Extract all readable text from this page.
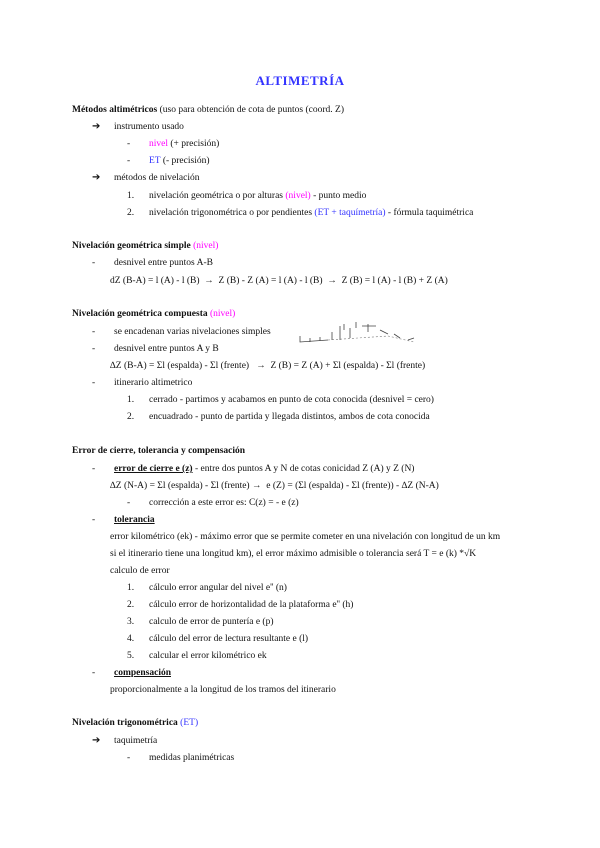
ALTIMETRÍA
Métodos altimétricos (uso para obtención de cota de puntos (coord. Z)
➔ instrumento usado
- nivel (+ precisión)
- ET (- precisión)
➔ métodos de nivelación
1. nivelación geométrica o por alturas (nivel) - punto medio
2. nivelación trigonométrica o por pendientes (ET + taquímetría) - fórmula taquimétrica
Nivelación geométrica simple (nivel)
- desnivel entre puntos A-B
dZ (B-A) = l (A) - l (B) → Z (B) - Z (A) = l (A) - l (B) → Z (B) = l (A) - l (B) + Z (A)
Nivelación geométrica compuesta (nivel)
- se encadenan varias nivelaciones simples
- desnivel entre puntos A y B
∆Z (B-A) = Σl (espalda) - Σl (frente) → Z (B) = Z (A) + Σl (espalda) - Σl (frente)
- itinerario altimetrico
1. cerrado - partimos y acabamos en punto de cota conocida (desnivel = cero)
2. encuadrado - punto de partida y llegada distintos, ambos de cota conocida
Error de cierre, tolerancia y compensación
- error de cierre e (z) - entre dos puntos A y N de cotas conicidad Z (A) y Z (N)
∆Z (N-A) = Σl (espalda) - Σl (frente) → e (Z) = (Σl (espalda) - Σl (frente)) - ∆Z (N-A)
- corrección a este error es: C(z) = - e (z)
- tolerancia
error kilométrico (ek) - máximo error que se permite cometer en una nivelación con longitud de un km
si el itinerario tiene una longitud km), el error máximo admisible o tolerancia será T = e (k) *√K
calculo de error
1. cálculo error angular del nivel e'' (n)
2. cálculo error de horizontalidad de la plataforma e'' (h)
3. calculo de error de puntería e (p)
4. cálculo del error de lectura resultante e (l)
5. calcular el error kilométrico ek
- compensación
proporcionalmente a la longitud de los tramos del itinerario
Nivelación trigonométrica (ET)
➔ taquimetría
- medidas planimétricas
